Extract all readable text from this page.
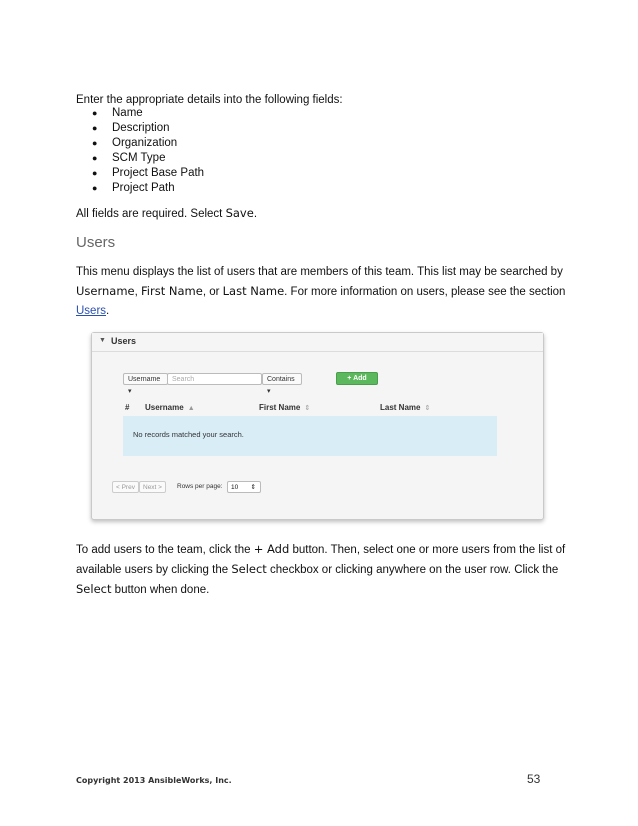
Enter the appropriate details into the following fields:
● Name
● Description
● Organization
● SCM Type
● Project Base Path
● Project Path
All fields are required. Select Save.
Users
This menu displays the list of users that are members of this team. This list may be searched by Username, First Name, or Last Name. For more information on users, please see the section Users.
▼ Users
Username ▾
Search	Contains ▾
+ Add
# Username ▲	First Name ⇕	Last Name ⇕
No records matched your search.
< Prev	Next >	Rows per page:	10 ⇕
To add users to the team, click the + Add button. Then, select one or more users from the list of available users by clicking the Select checkbox or clicking anywhere on the user row. Click the Select button when done.
Copyright 2013 AnsibleWorks, Inc.	53
